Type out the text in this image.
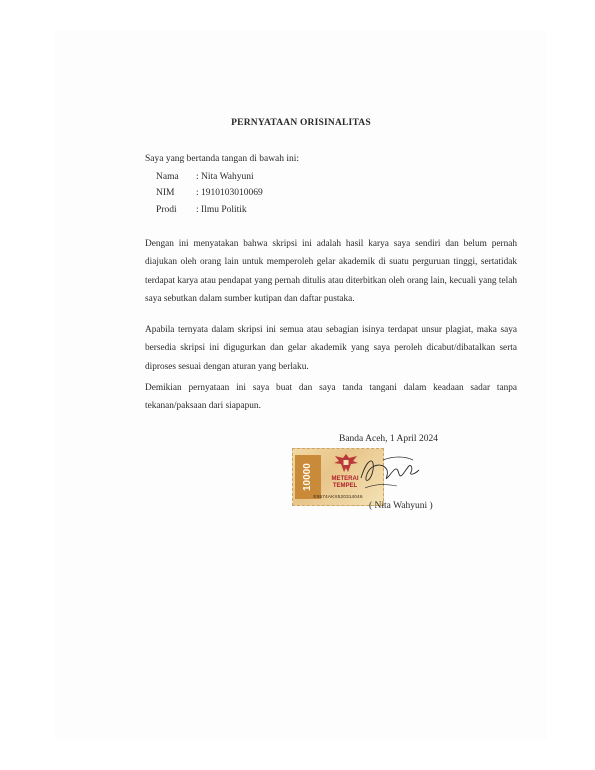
PERNYATAAN ORISINALITAS
Saya yang bertanda tangan di bawah ini:
Nama	: Nita Wahyuni
NIM	: 1910103010069
Prodi	: Ilmu Politik
Dengan ini menyatakan bahwa skripsi ini adalah hasil karya saya sendiri dan belum pernah diajukan oleh orang lain untuk memperoleh gelar akademik di suatu perguruan tinggi, sertatidak terdapat karya atau pendapat yang pernah ditulis atau diterbitkan oleh orang lain, kecuali yang telah saya sebutkan dalam sumber kutipan dan daftar pustaka.
Apabila ternyata dalam skripsi ini semua atau sebagian isinya terdapat unsur plagiat, maka saya bersedia skripsi ini digugurkan dan gelar akademik yang saya peroleh dicabut/dibatalkan serta diproses sesuai dengan aturan yang berlaku.
Demikian pernyataan ini saya buat dan saya tanda tangani dalam keadaan sadar tanpa tekanan/paksaan dari siapapun.
Banda Aceh, 1 April 2024
10000	METERAI
TEMPEL
E9574AKX520314046
( Nita Wahyuni )
